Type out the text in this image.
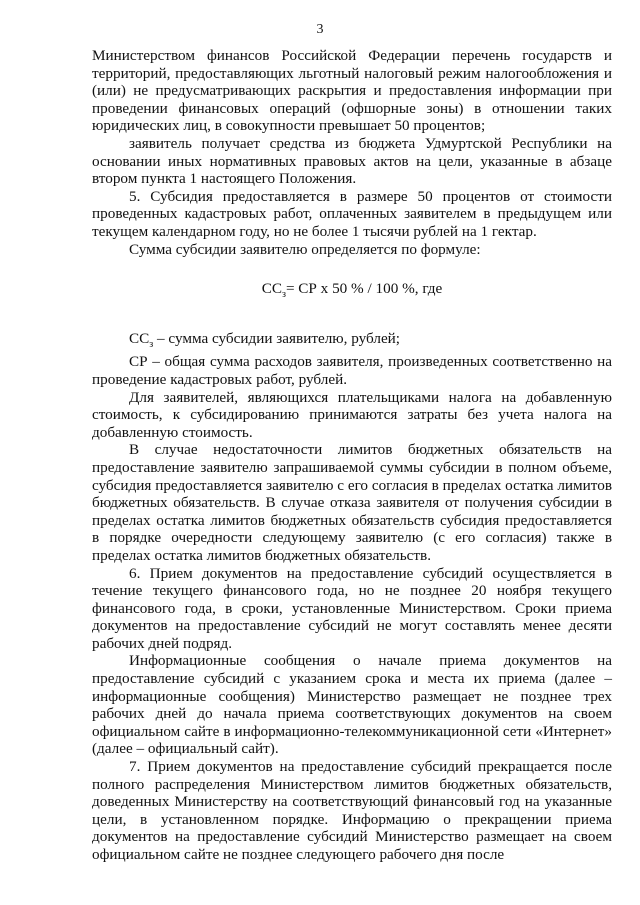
3

Министерством финансов Российской Федерации перечень государств и территорий, предоставляющих льготный налоговый режим налогообложения и (или) не предусматривающих раскрытия и предоставления информации при проведении финансовых операций (офшорные зоны) в отношении таких юридических лиц, в совокупности превышает 50 процентов;

заявитель получает средства из бюджета Удмуртской Республики на основании иных нормативных правовых актов на цели, указанные в абзаце втором пункта 1 настоящего Положения.

5. Субсидия предоставляется в размере 50 процентов от стоимости проведенных кадастровых работ, оплаченных заявителем в предыдущем или текущем календарном году, но не более 1 тысячи рублей на 1 гектар.

Сумма субсидии заявителю определяется по формуле:

$СС_з=$ СР х 50 % / 100 %, где

$СС_з$ – сумма субсидии заявителю, рублей;

СР – общая сумма расходов заявителя, произведенных соответственно на проведение кадастровых работ, рублей.

Для заявителей, являющихся плательщиками налога на добавленную стоимость, к субсидированию принимаются затраты без учета налога на добавленную стоимость.

В случае недостаточности лимитов бюджетных обязательств на предоставление заявителю запрашиваемой суммы субсидии в полном объеме, субсидия предоставляется заявителю с его согласия в пределах остатка лимитов бюджетных обязательств. В случае отказа заявителя от получения субсидии в пределах остатка лимитов бюджетных обязательств субсидия предоставляется в порядке очередности следующему заявителю (с его согласия) также в пределах остатка лимитов бюджетных обязательств.

6. Прием документов на предоставление субсидий осуществляется в течение текущего финансового года, но не позднее 20 ноября текущего финансового года, в сроки, установленные Министерством. Сроки приема документов на предоставление субсидий не могут составлять менее десяти рабочих дней подряд.

Информационные сообщения о начале приема документов на предоставление субсидий с указанием срока и места их приема (далее – информационные сообщения) Министерство размещает не позднее трех рабочих дней до начала приема соответствующих документов на своем официальном сайте в информационно-телекоммуникационной сети «Интернет» (далее – официальный сайт).

7. Прием документов на предоставление субсидий прекращается после полного распределения Министерством лимитов бюджетных обязательств, доведенных Министерству на соответствующий финансовый год на указанные цели, в установленном порядке. Информацию о прекращении приема документов на предоставление субсидий Министерство размещает на своем официальном сайте не позднее следующего рабочего дня после
